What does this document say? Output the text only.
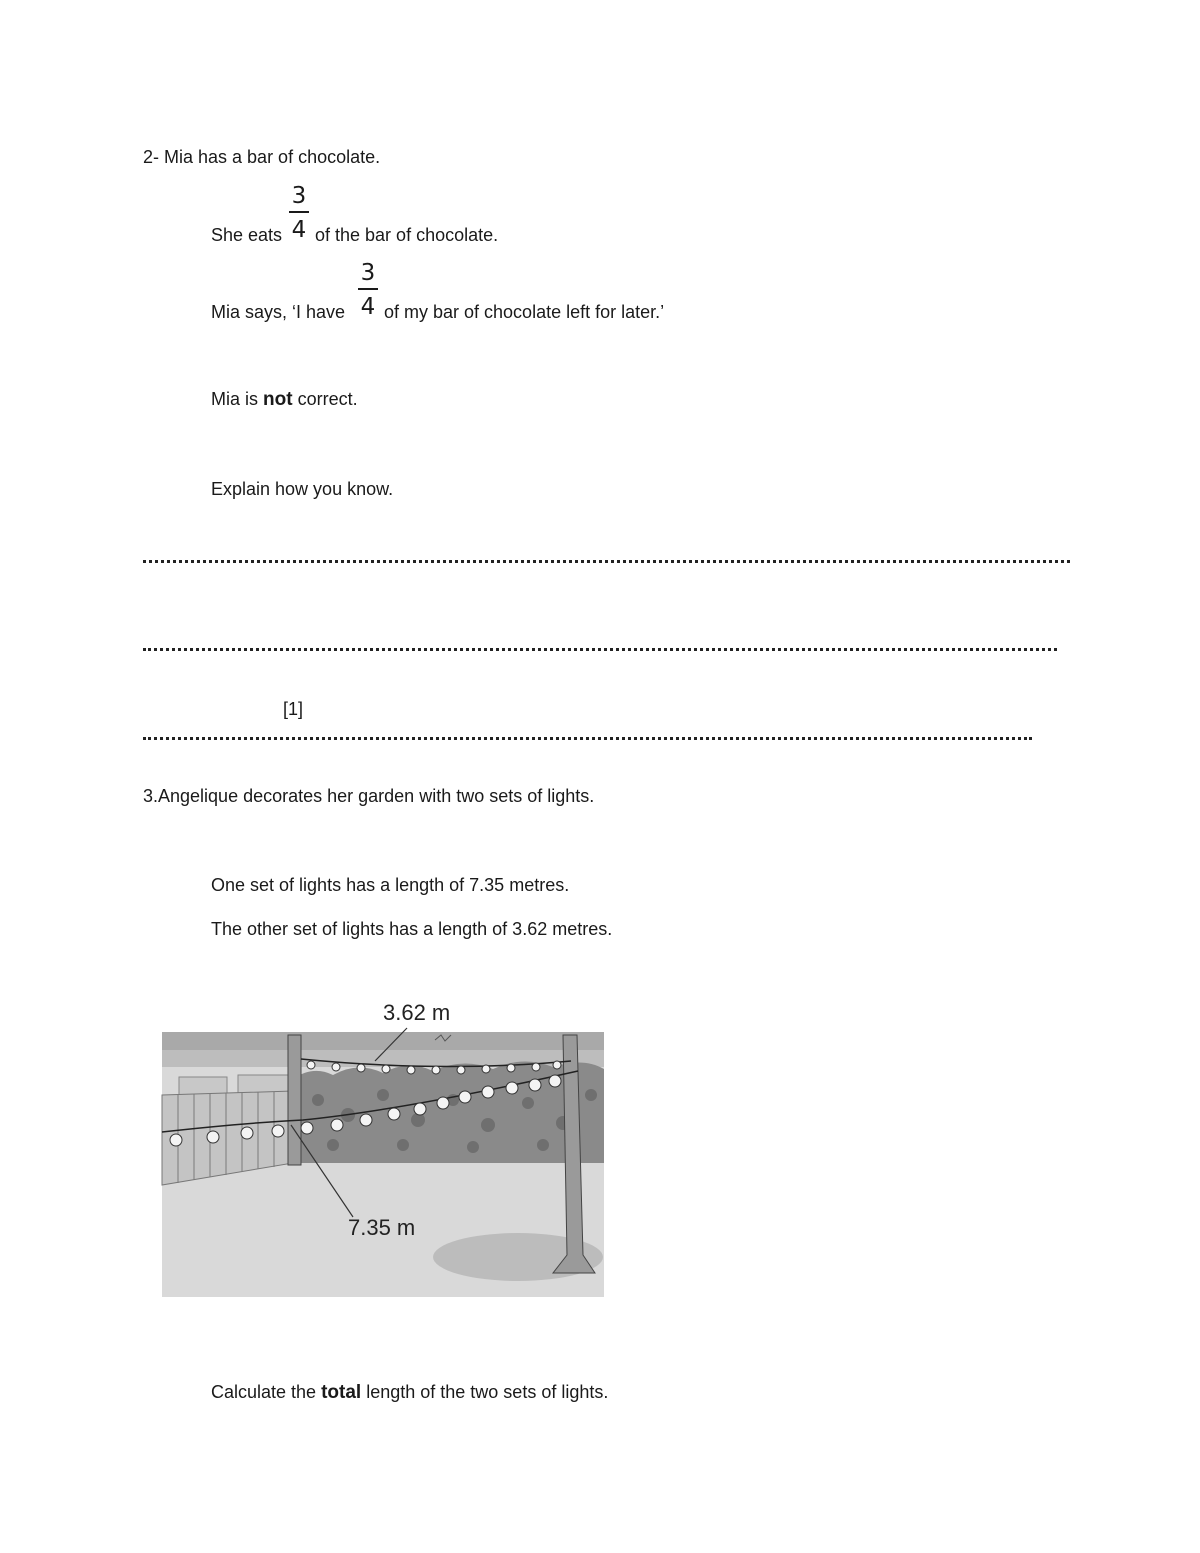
2- Mia has a bar of chocolate.
3
4
She eats of the bar of chocolate.
3
4
Mia says, ‘I have of my bar of chocolate left for later.’
Mia is not correct.
Explain how you know.
[1]
3.Angelique decorates her garden with two sets of lights.
One set of lights has a length of 7.35 metres.
The other set of lights has a length of 3.62 metres.
3.62 m
7.35 m
Calculate the total length of the two sets of lights.
